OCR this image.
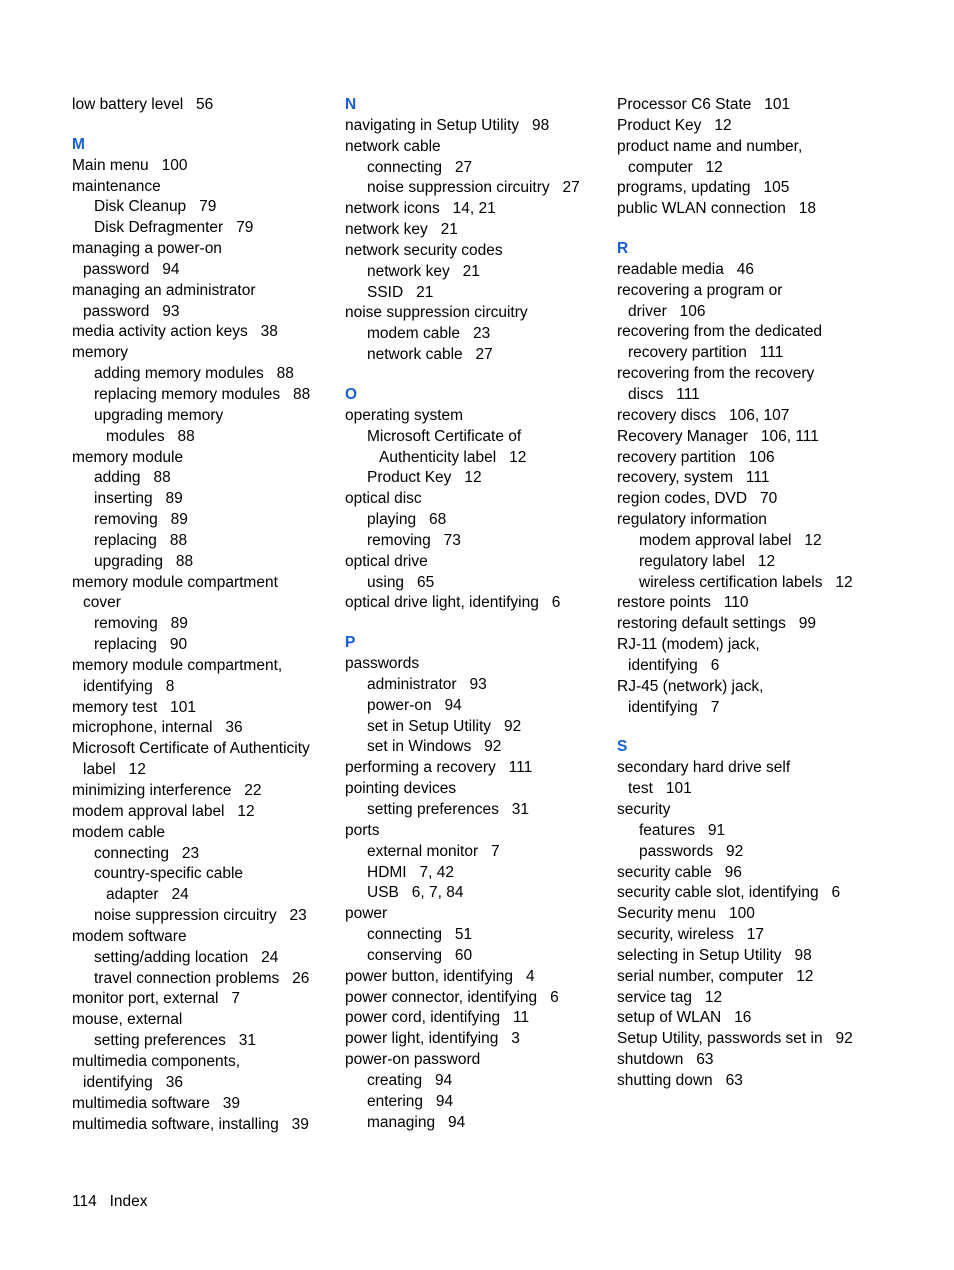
low battery level   56
M
Main menu   100
maintenance
Disk Cleanup   79
Disk Defragmenter   79
managing a power-on
password   94
managing an administrator
password   93
media activity action keys   38
memory
adding memory modules   88
replacing memory modules   88
upgrading memory
modules   88
memory module
adding   88
inserting   89
removing   89
replacing   88
upgrading   88
memory module compartment
cover
removing   89
replacing   90
memory module compartment,
identifying   8
memory test   101
microphone, internal   36
Microsoft Certificate of Authenticity
label   12
minimizing interference   22
modem approval label   12
modem cable
connecting   23
country-specific cable
adapter   24
noise suppression circuitry   23
modem software
setting/adding location   24
travel connection problems   26
monitor port, external   7
mouse, external
setting preferences   31
multimedia components,
identifying   36
multimedia software   39
multimedia software, installing   39
N
navigating in Setup Utility   98
network cable
connecting   27
noise suppression circuitry   27
network icons   14, 21
network key   21
network security codes
network key   21
SSID   21
noise suppression circuitry
modem cable   23
network cable   27
O
operating system
Microsoft Certificate of
Authenticity label   12
Product Key   12
optical disc
playing   68
removing   73
optical drive
using   65
optical drive light, identifying   6
P
passwords
administrator   93
power-on   94
set in Setup Utility   92
set in Windows   92
performing a recovery   111
pointing devices
setting preferences   31
ports
external monitor   7
HDMI   7, 42
USB   6, 7, 84
power
connecting   51
conserving   60
power button, identifying   4
power connector, identifying   6
power cord, identifying   11
power light, identifying   3
power-on password
creating   94
entering   94
managing   94
Processor C6 State   101
Product Key   12
product name and number,
computer   12
programs, updating   105
public WLAN connection   18
R
readable media   46
recovering a program or
driver   106
recovering from the dedicated
recovery partition   111
recovering from the recovery
discs   111
recovery discs   106, 107
Recovery Manager   106, 111
recovery partition   106
recovery, system   111
region codes, DVD   70
regulatory information
modem approval label   12
regulatory label   12
wireless certification labels   12
restore points   110
restoring default settings   99
RJ-11 (modem) jack,
identifying   6
RJ-45 (network) jack,
identifying   7
S
secondary hard drive self
test   101
security
features   91
passwords   92
security cable   96
security cable slot, identifying   6
Security menu   100
security, wireless   17
selecting in Setup Utility   98
serial number, computer   12
service tag   12
setup of WLAN   16
Setup Utility, passwords set in   92
shutdown   63
shutting down   63
114   Index
